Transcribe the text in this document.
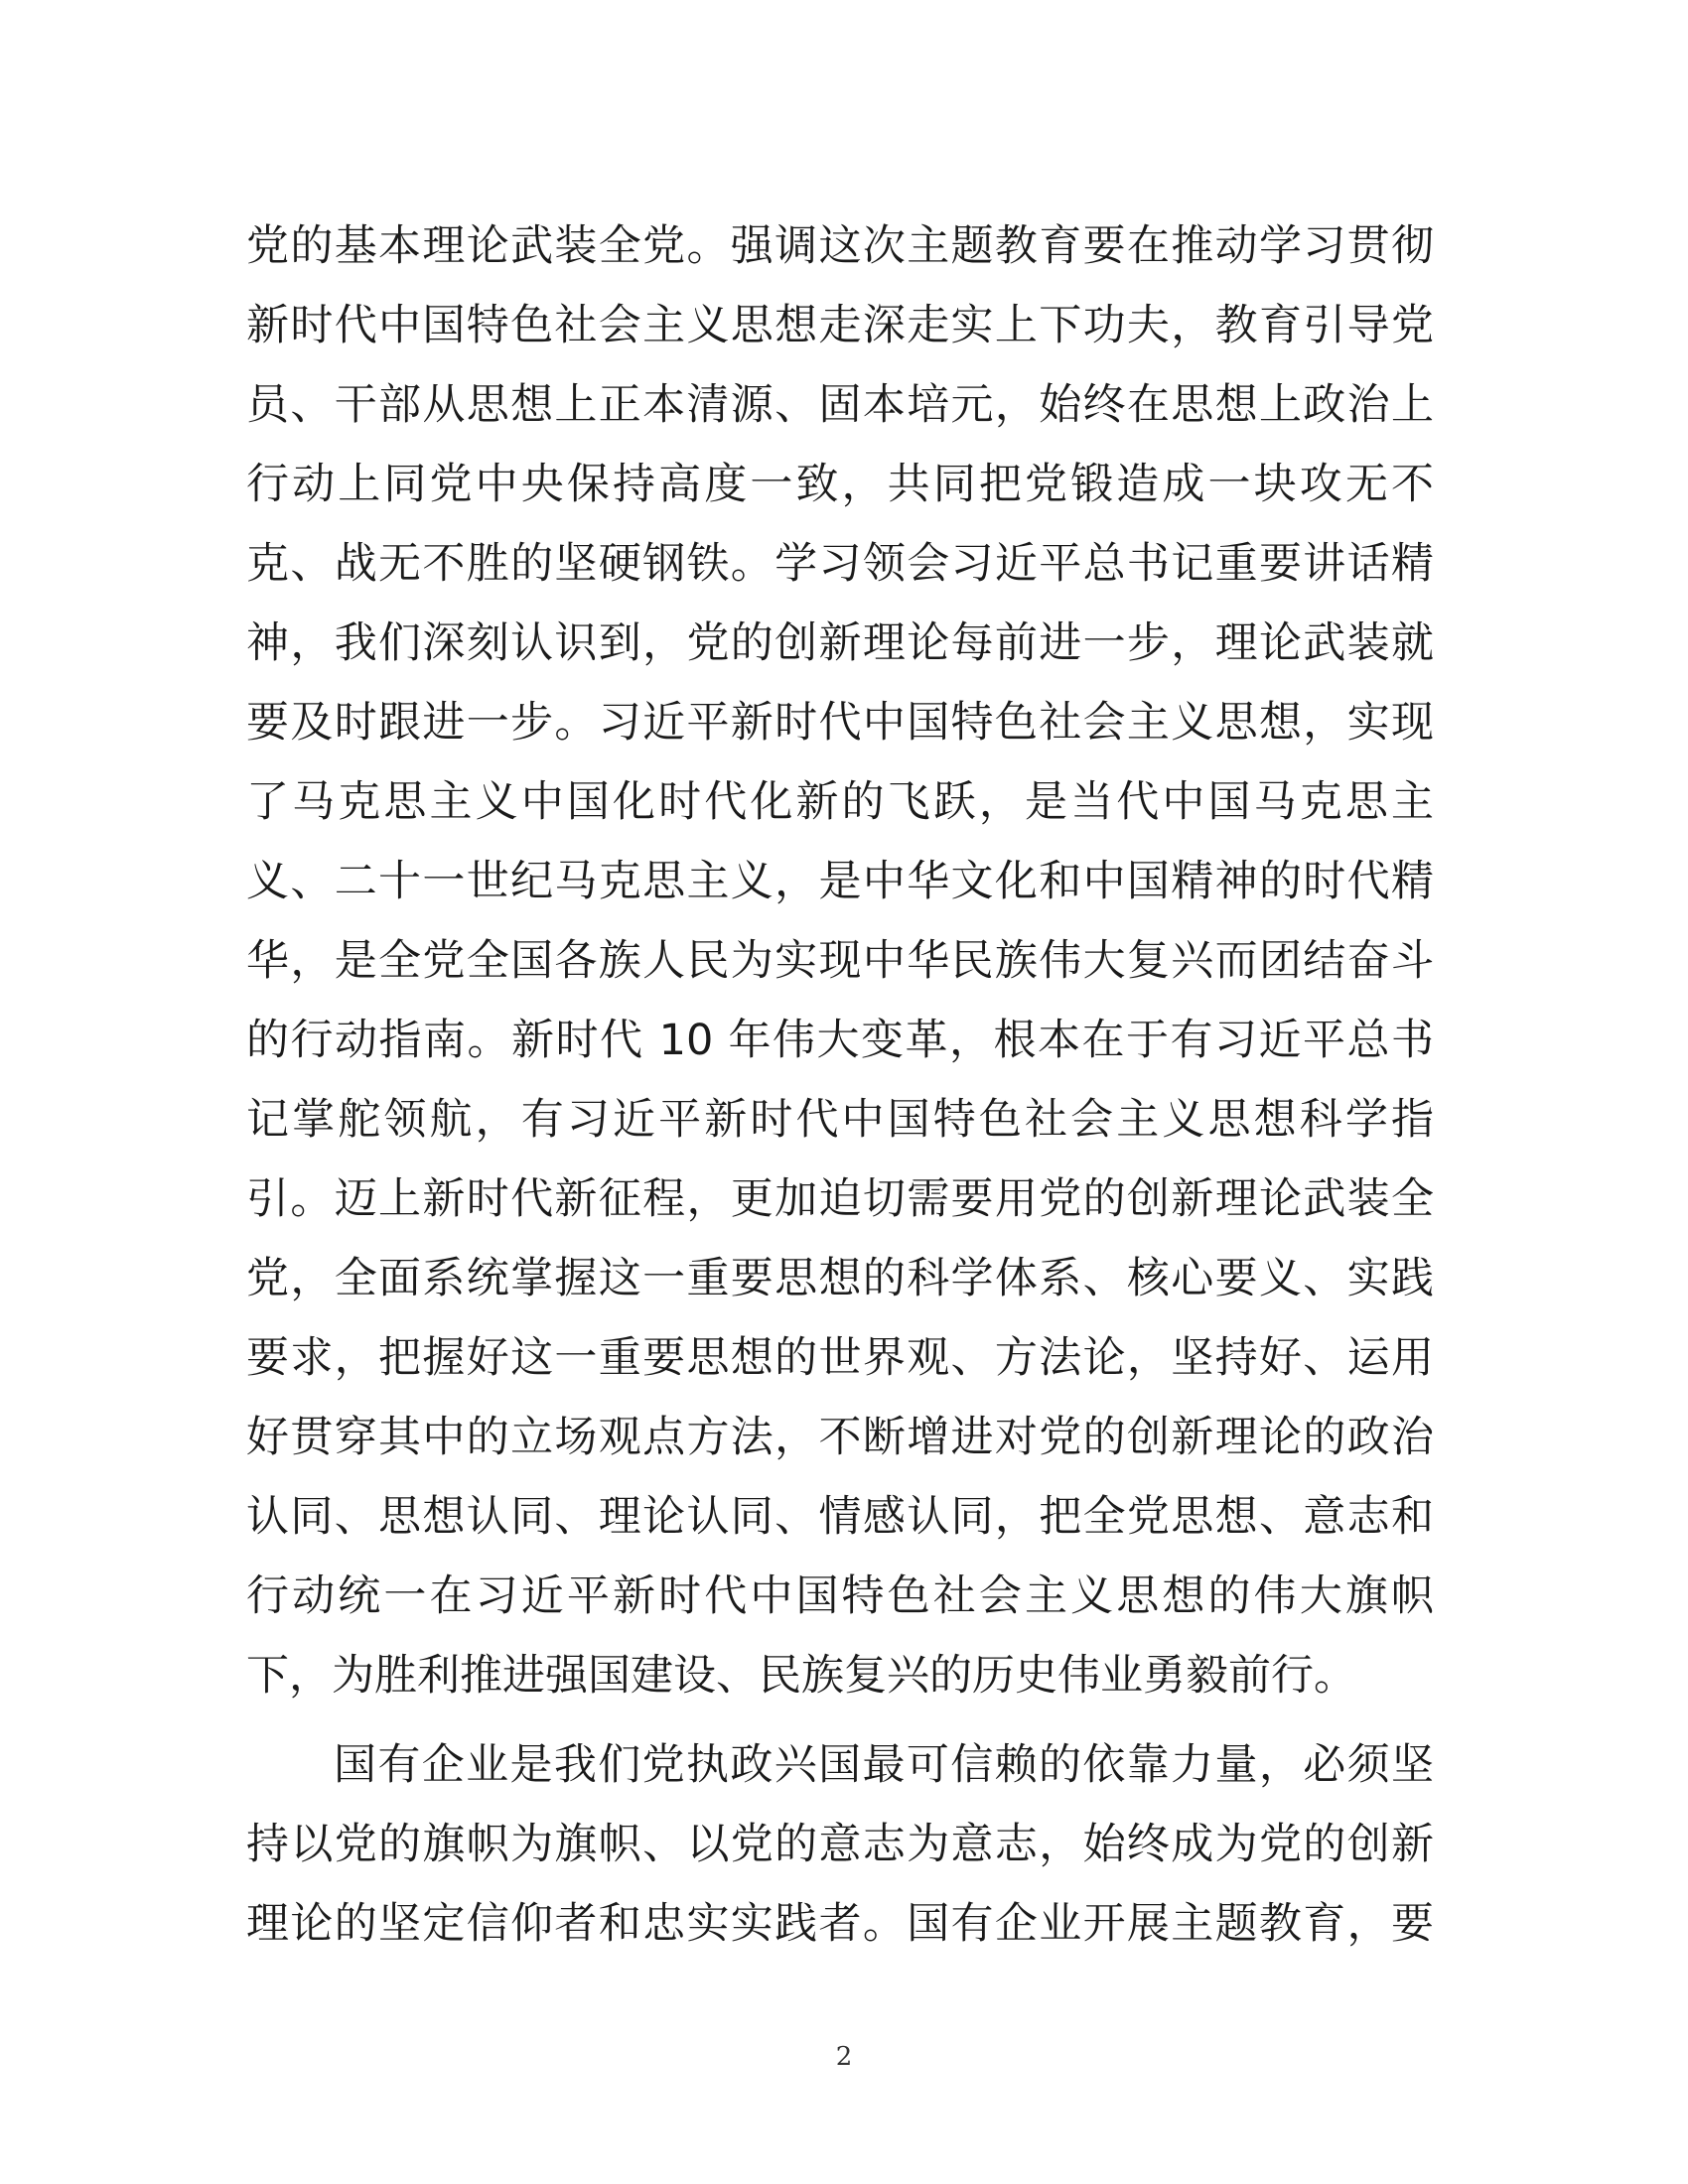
党的基本理论武装全党。强调这次主题教育要在推动学习贯彻
新时代中国特色社会主义思想走深走实上下功夫，教育引导党
员、干部从思想上正本清源、固本培元，始终在思想上政治上
行动上同党中央保持高度一致，共同把党锻造成一块攻无不
克、战无不胜的坚硬钢铁。学习领会习近平总书记重要讲话精
神，我们深刻认识到，党的创新理论每前进一步，理论武装就
要及时跟进一步。习近平新时代中国特色社会主义思想，实现
了马克思主义中国化时代化新的飞跃，是当代中国马克思主
义、二十一世纪马克思主义，是中华文化和中国精神的时代精
华，是全党全国各族人民为实现中华民族伟大复兴而团结奋斗
的行动指南。新时代 10 年伟大变革，根本在于有习近平总书
记掌舵领航，有习近平新时代中国特色社会主义思想科学指
引。迈上新时代新征程，更加迫切需要用党的创新理论武装全
党，全面系统掌握这一重要思想的科学体系、核心要义、实践
要求，把握好这一重要思想的世界观、方法论，坚持好、运用
好贯穿其中的立场观点方法，不断增进对党的创新理论的政治
认同、思想认同、理论认同、情感认同，把全党思想、意志和
行动统一在习近平新时代中国特色社会主义思想的伟大旗帜
下，为胜利推进强国建设、民族复兴的历史伟业勇毅前行。
国有企业是我们党执政兴国最可信赖的依靠力量，必须坚
持以党的旗帜为旗帜、以党的意志为意志，始终成为党的创新
理论的坚定信仰者和忠实实践者。国有企业开展主题教育，要
2
